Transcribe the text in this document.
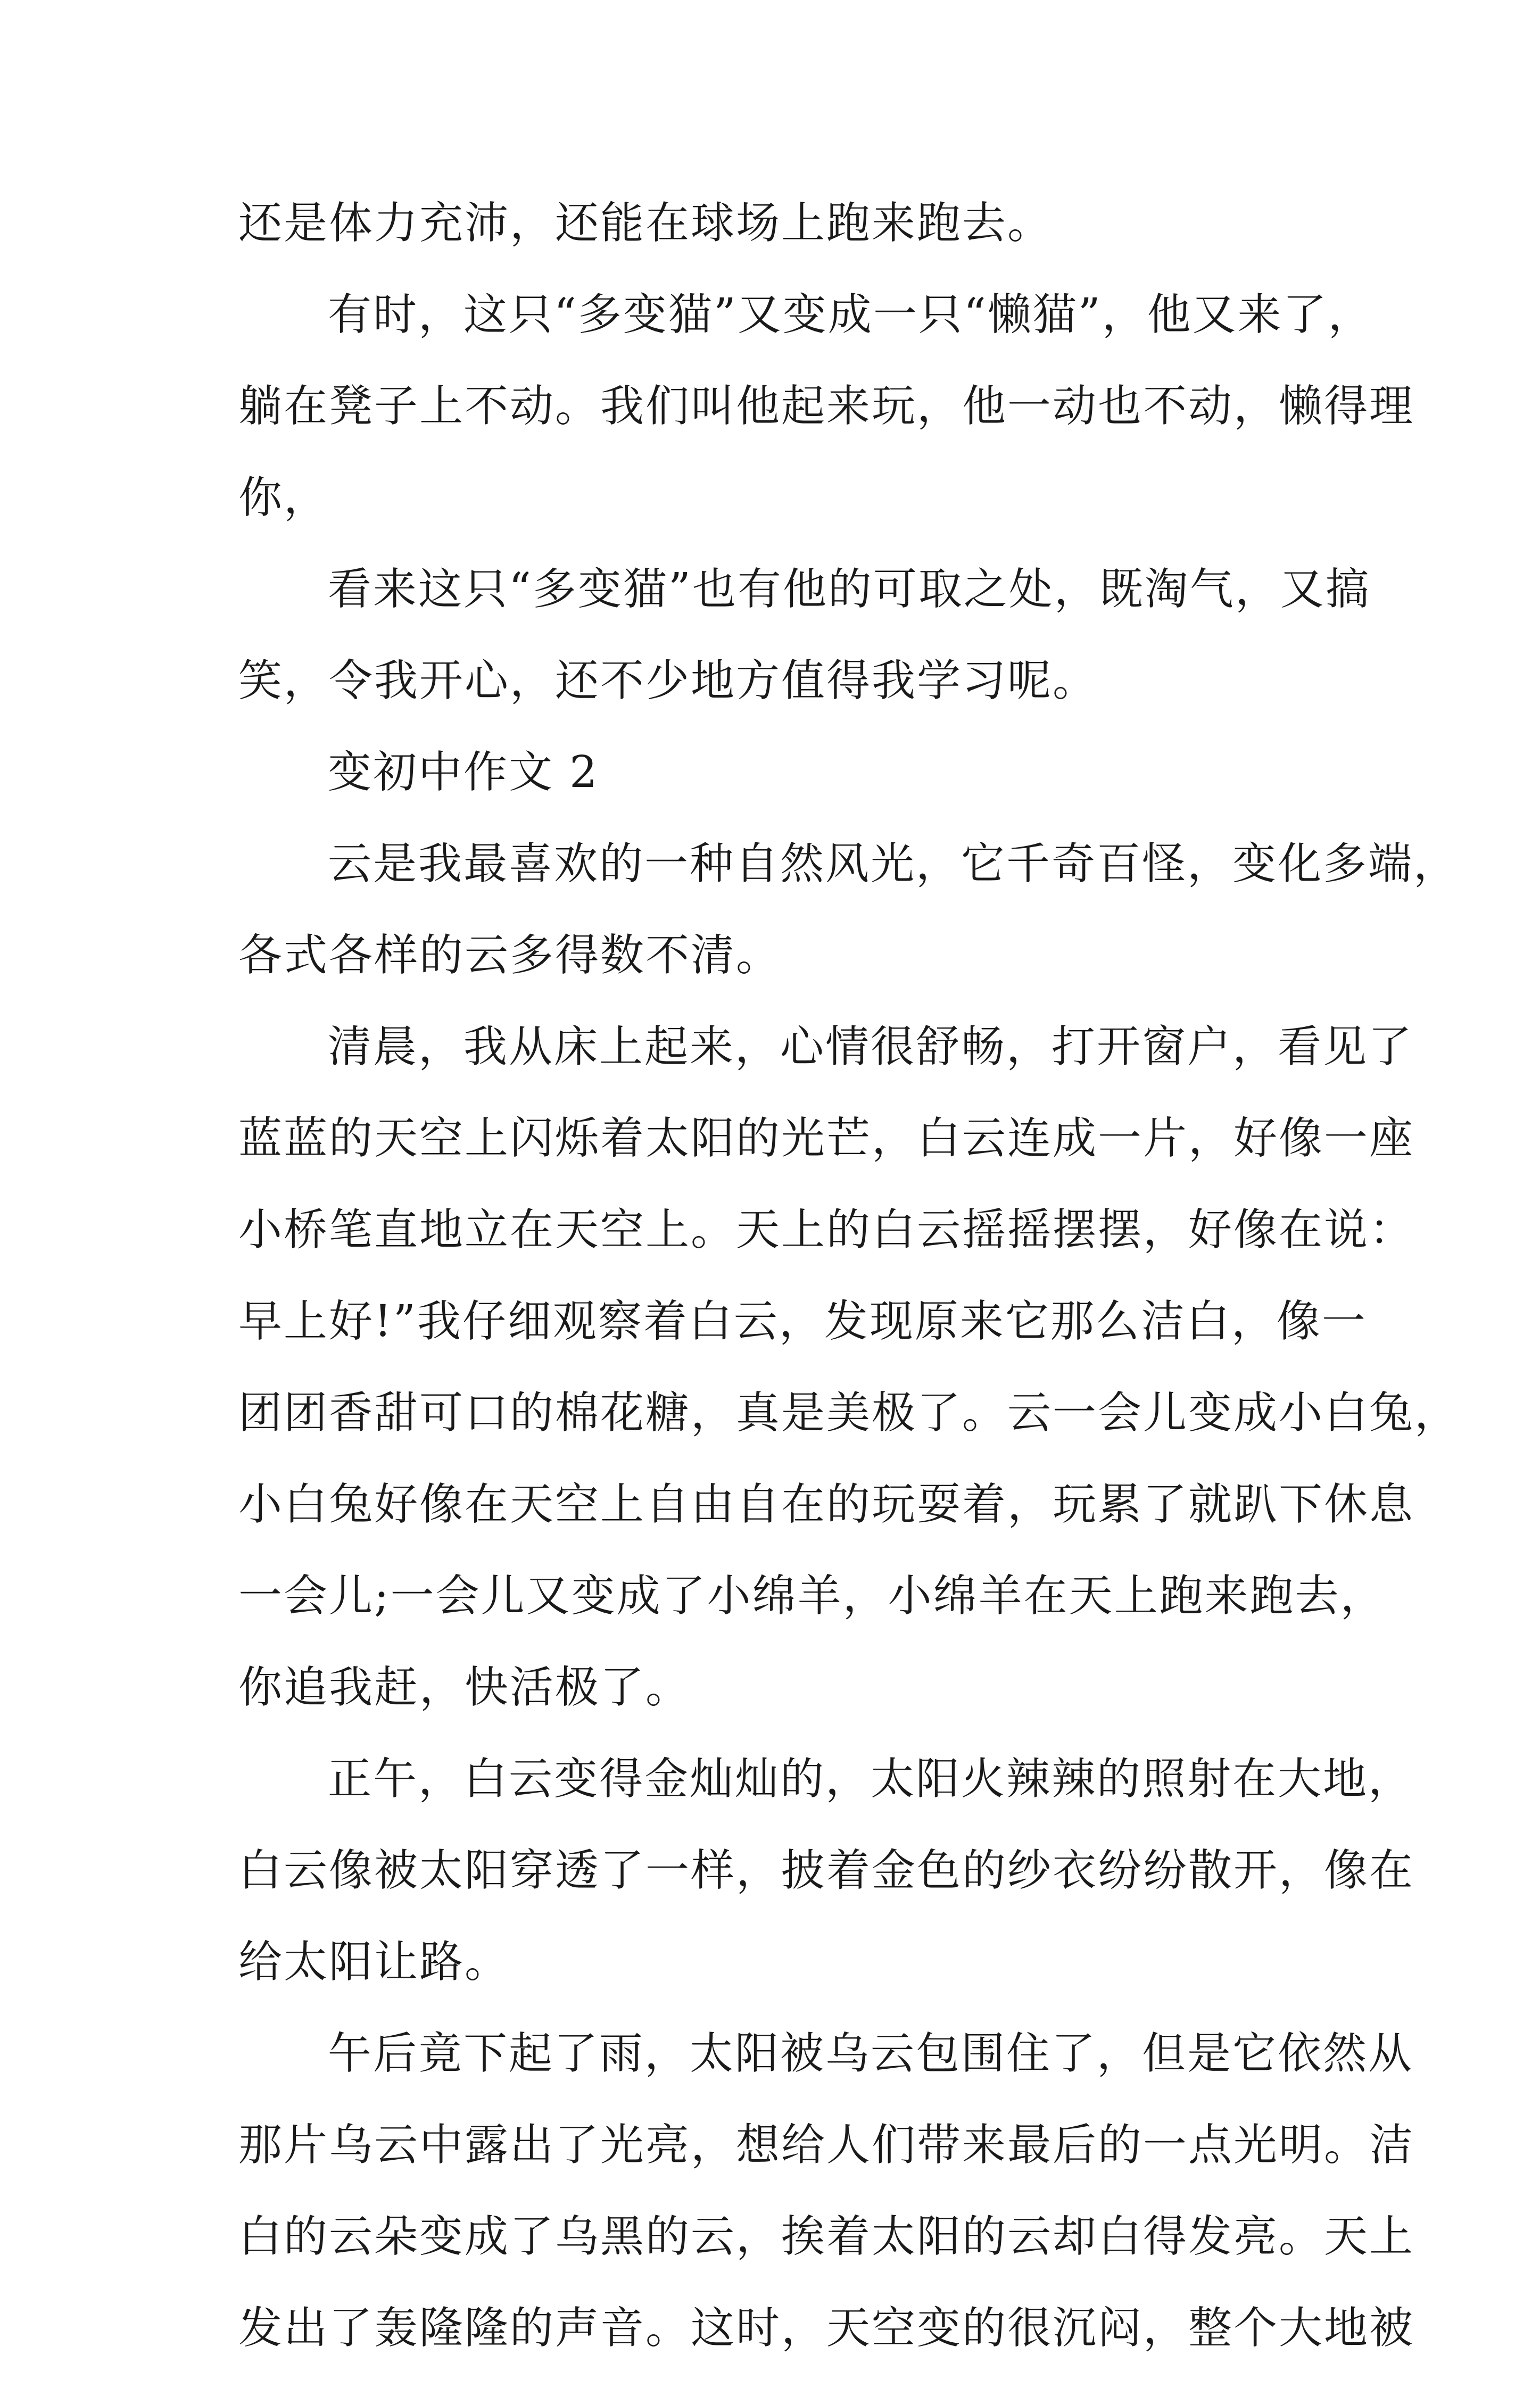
还是体力充沛，还能在球场上跑来跑去。
有时，这只“多变猫”又变成一只“懒猫”，他又来了，
躺在凳子上不动。我们叫他起来玩，他一动也不动，懒得理
你，
看来这只“多变猫”也有他的可取之处，既淘气，又搞
笑，令我开心，还不少地方值得我学习呢。
变初中作文 2
云是我最喜欢的一种自然风光，它千奇百怪，变化多端，
各式各样的云多得数不清。
清晨，我从床上起来，心情很舒畅，打开窗户，看见了
蓝蓝的天空上闪烁着太阳的光芒，白云连成一片，好像一座
小桥笔直地立在天空上。天上的白云摇摇摆摆，好像在说：
早上好!”我仔细观察着白云，发现原来它那么洁白，像一
团团香甜可口的棉花糖，真是美极了。云一会儿变成小白兔，
小白兔好像在天空上自由自在的玩耍着，玩累了就趴下休息
一会儿;一会儿又变成了小绵羊，小绵羊在天上跑来跑去，
你追我赶，快活极了。
正午，白云变得金灿灿的，太阳火辣辣的照射在大地，
白云像被太阳穿透了一样，披着金色的纱衣纷纷散开，像在
给太阳让路。
午后竟下起了雨，太阳被乌云包围住了，但是它依然从
那片乌云中露出了光亮，想给人们带来最后的一点光明。洁
白的云朵变成了乌黑的云，挨着太阳的云却白得发亮。天上
发出了轰隆隆的声音。这时，天空变的很沉闷，整个大地被
